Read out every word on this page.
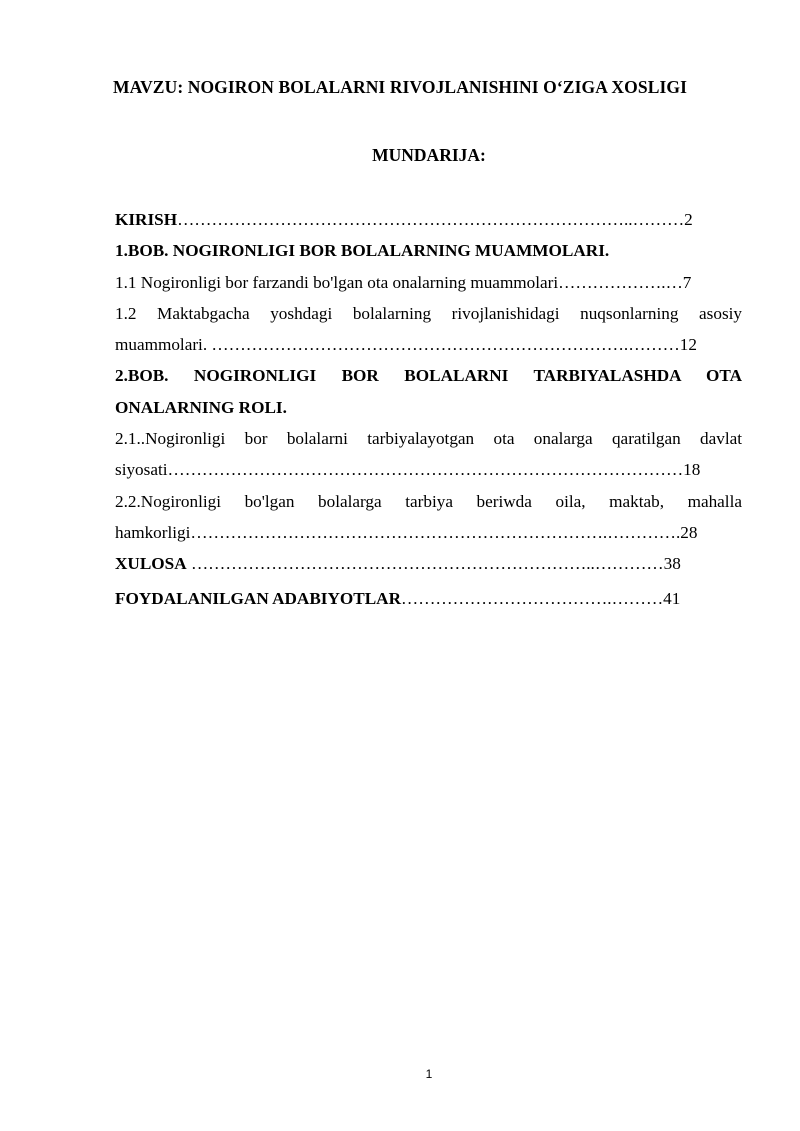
MAVZU: NOGIRON BOLALARNI RIVOJLANISHINI O‘ZIGA XOSLIGI
MUNDARIJA:
KIRISH……………………………………………………………………..………2
1.BOB. NOGIRONLIGI BOR BOLALARNING MUAMMOLARI.
1.1 Nogironligi bor farzandi bo'lgan ota onalarning muammolari……………….…7
1.2 Maktabgacha yoshdagi bolalarning rivojlanishidagi nuqsonlarning asosiy
muammolari. ……………………………………………………………….………12
2.BOB. NOGIRONLIGI BOR BOLALARNI TARBIYALASHDA OTA
ONALARNING ROLI.
2.1..Nogironligi bor bolalarni tarbiyalayotgan ota onalarga qaratilgan davlat
siyosati………………………………………………………………………………18
2.2.Nogironligi bo'lgan bolalarga tarbiya beriwda oila, maktab, mahalla
hamkorligi……………………………………………………………….………….28
XULOSA ……………………………………………………………..…………38
FOYDALANILGAN ADABIYOTLAR……………………………….………41
1
